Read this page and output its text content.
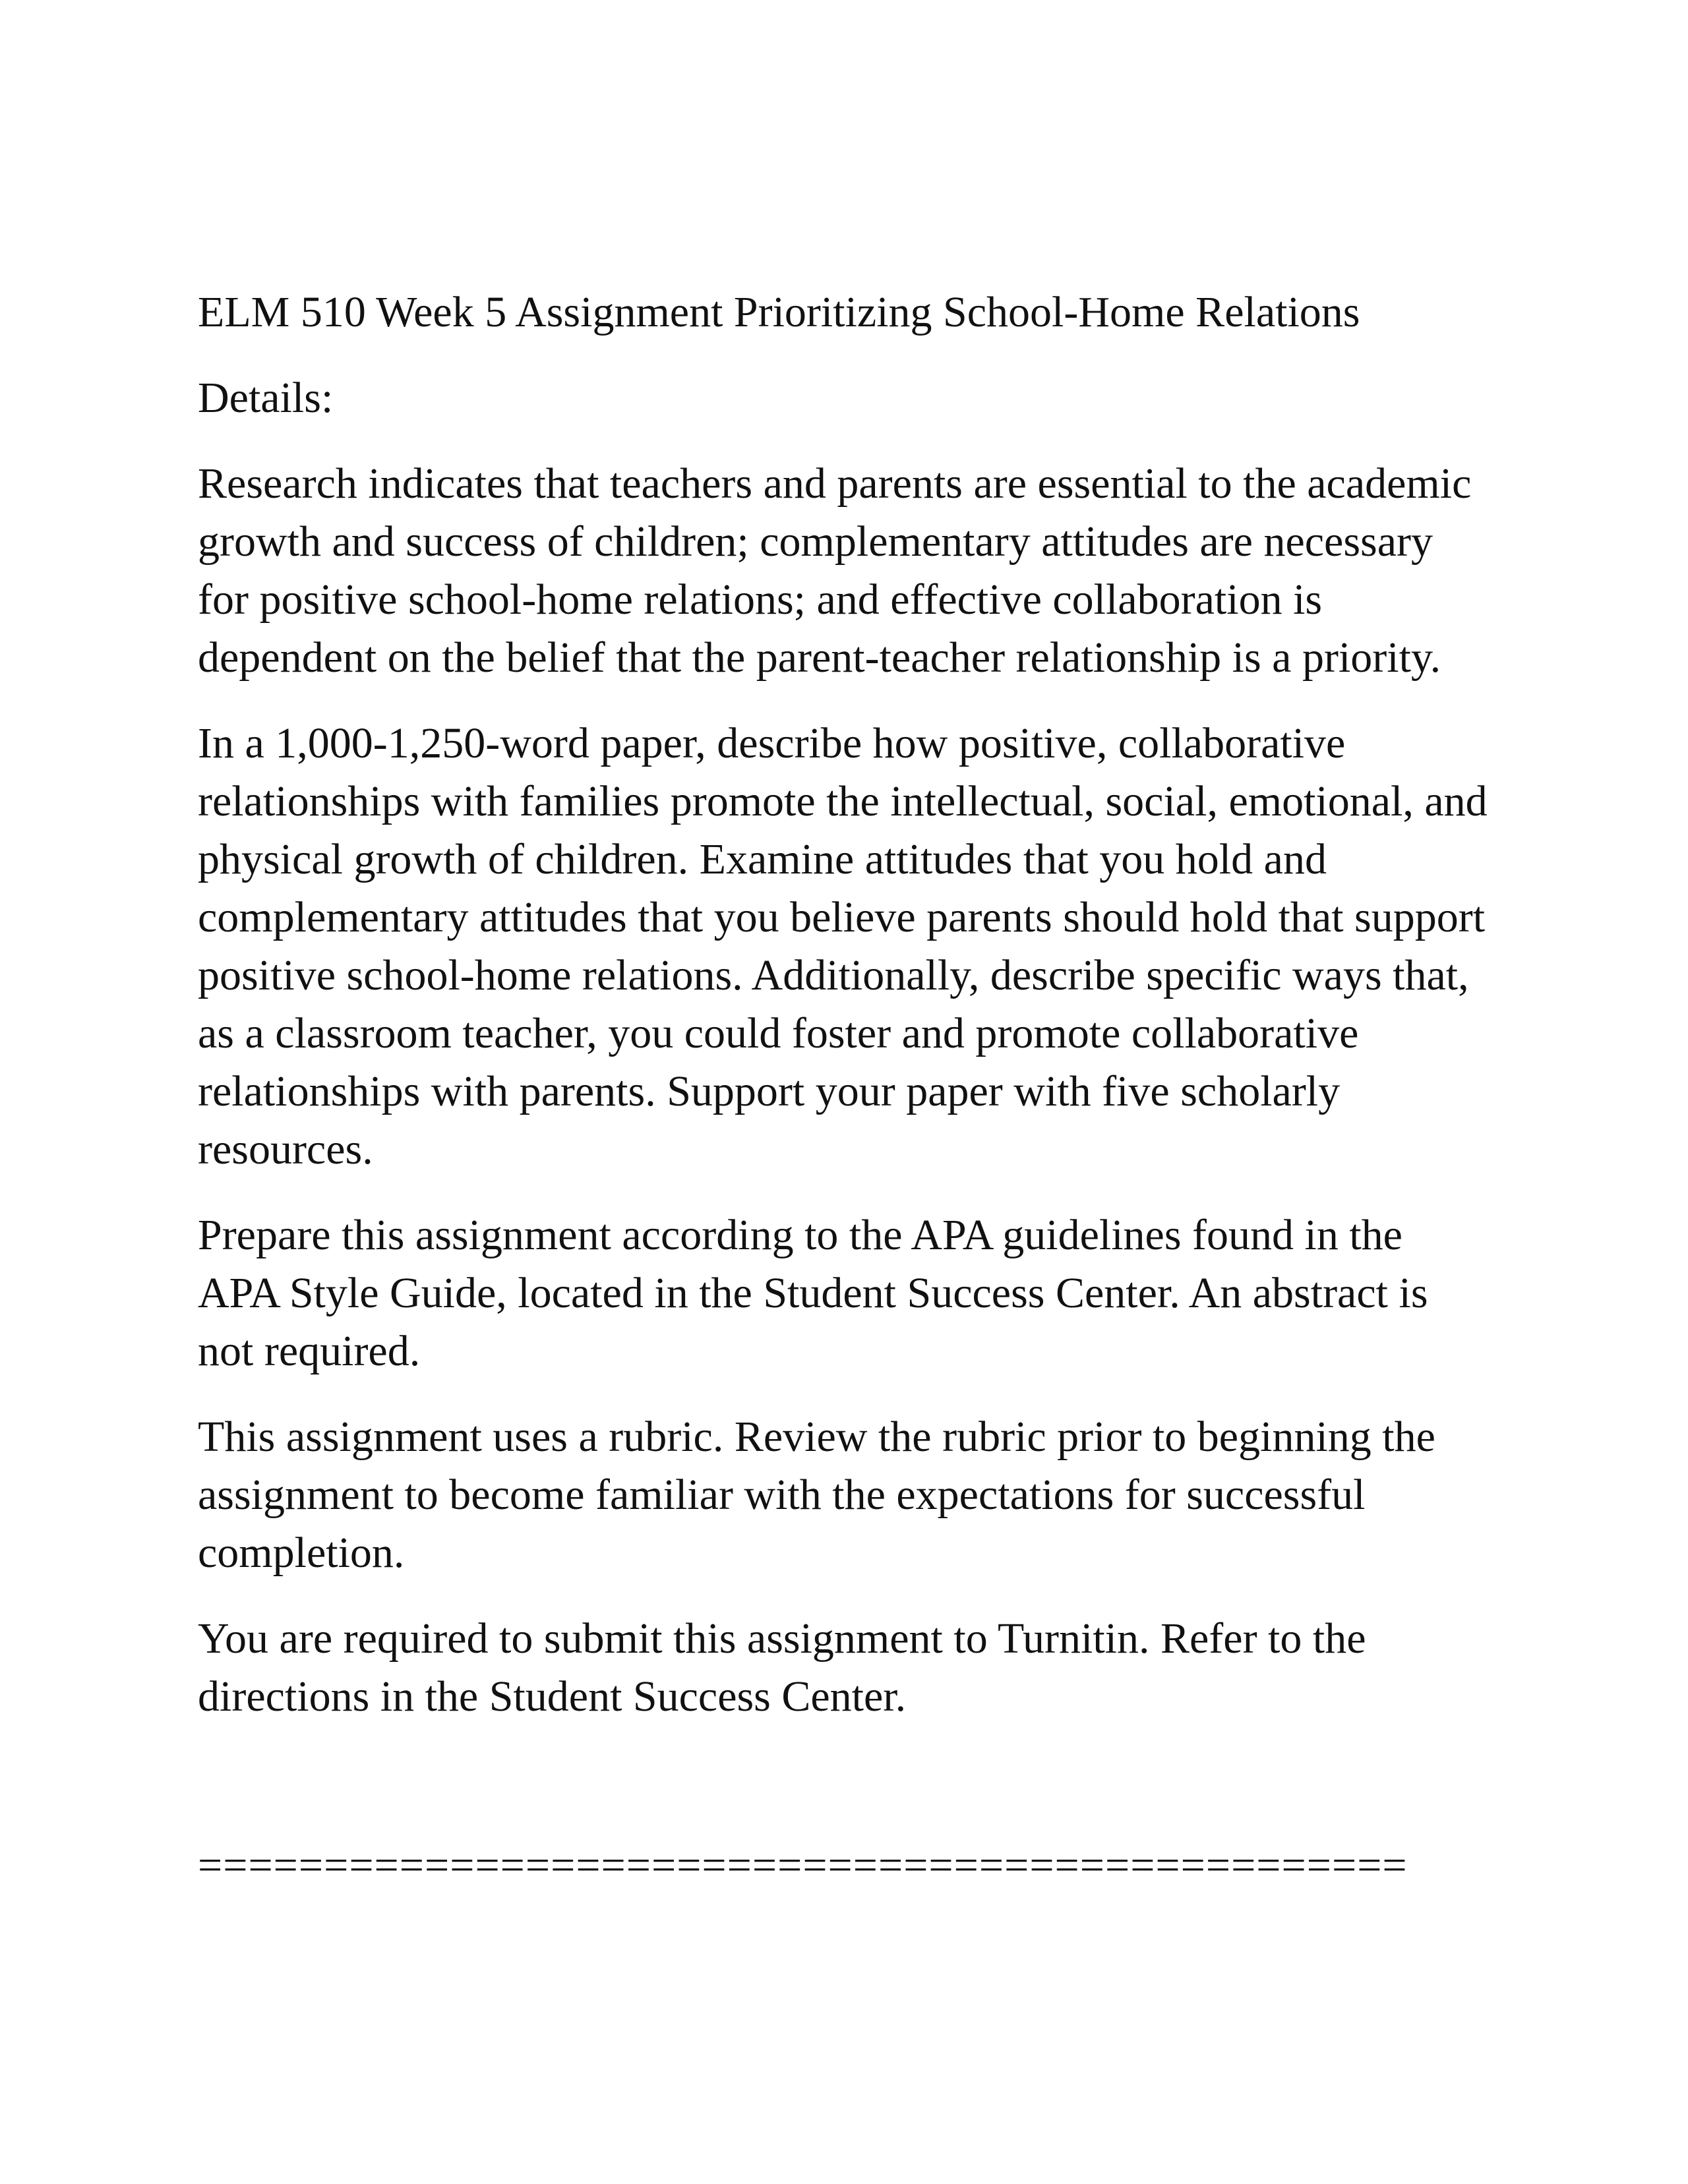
ELM 510 Week 5 Assignment Prioritizing School-Home Relations

Details:

Research indicates that teachers and parents are essential to the academic growth and success of children; complementary attitudes are necessary for positive school-home relations; and effective collaboration is dependent on the belief that the parent-teacher relationship is a priority.

In a 1,000-1,250-word paper, describe how positive, collaborative relationships with families promote the intellectual, social, emotional, and physical growth of children. Examine attitudes that you hold and complementary attitudes that you believe parents should hold that support positive school-home relations. Additionally, describe specific ways that, as a classroom teacher, you could foster and promote collaborative relationships with parents. Support your paper with five scholarly resources.

Prepare this assignment according to the APA guidelines found in the APA Style Guide, located in the Student Success Center. An abstract is not required.

This assignment uses a rubric. Review the rubric prior to beginning the assignment to become familiar with the expectations for successful completion.

You are required to submit this assignment to Turnitin. Refer to the directions in the Student Success Center.

================================================
